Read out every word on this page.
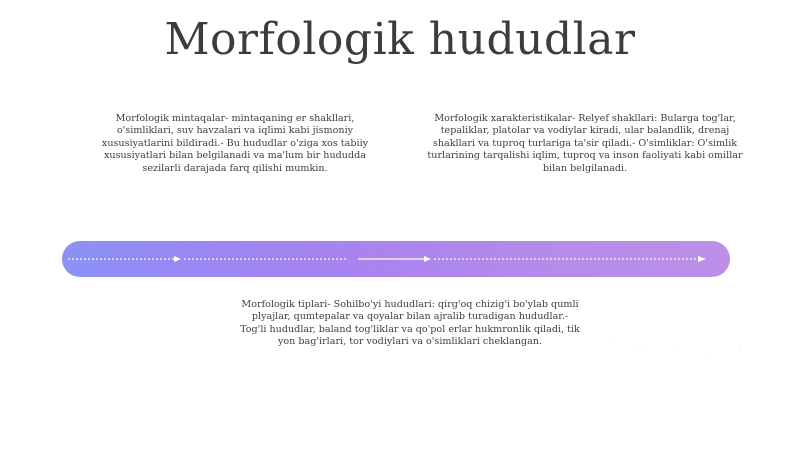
Morfologik hududlar
Morfologik mintaqalar- mintaqaning er shakllari, o'simliklari, suv havzalari va iqlimi kabi jismoniy xususiyatlarini bildiradi.- Bu hududlar o'ziga xos tabiiy xususiyatlari bilan belgilanadi va ma'lum bir hududda sezilarli darajada farq qilishi mumkin.
Morfologik xarakteristikalar- Relyef shakllari: Bularga tog'lar, tepaliklar, platolar va vodiylar kiradi, ular balandlik, drenaj shakllari va tuproq turlariga ta'sir qiladi.- O'simliklar: O'simlik turlarining tarqalishi iqlim, tuproq va inson faoliyati kabi omillar bilan belgilanadi.
Morfologik tiplari- Sohilbo'yi hududlari: qirg'oq chizig'i bo'ylab qumli plyajlar, qumtepalar va qoyalar bilan ajralib turadigan hududlar.- Tog'li hududlar, baland tog'liklar va qo'pol erlar hukmronlik qiladi, tik yon bag'irlari, tor vodiylari va o'simliklari cheklangan.
